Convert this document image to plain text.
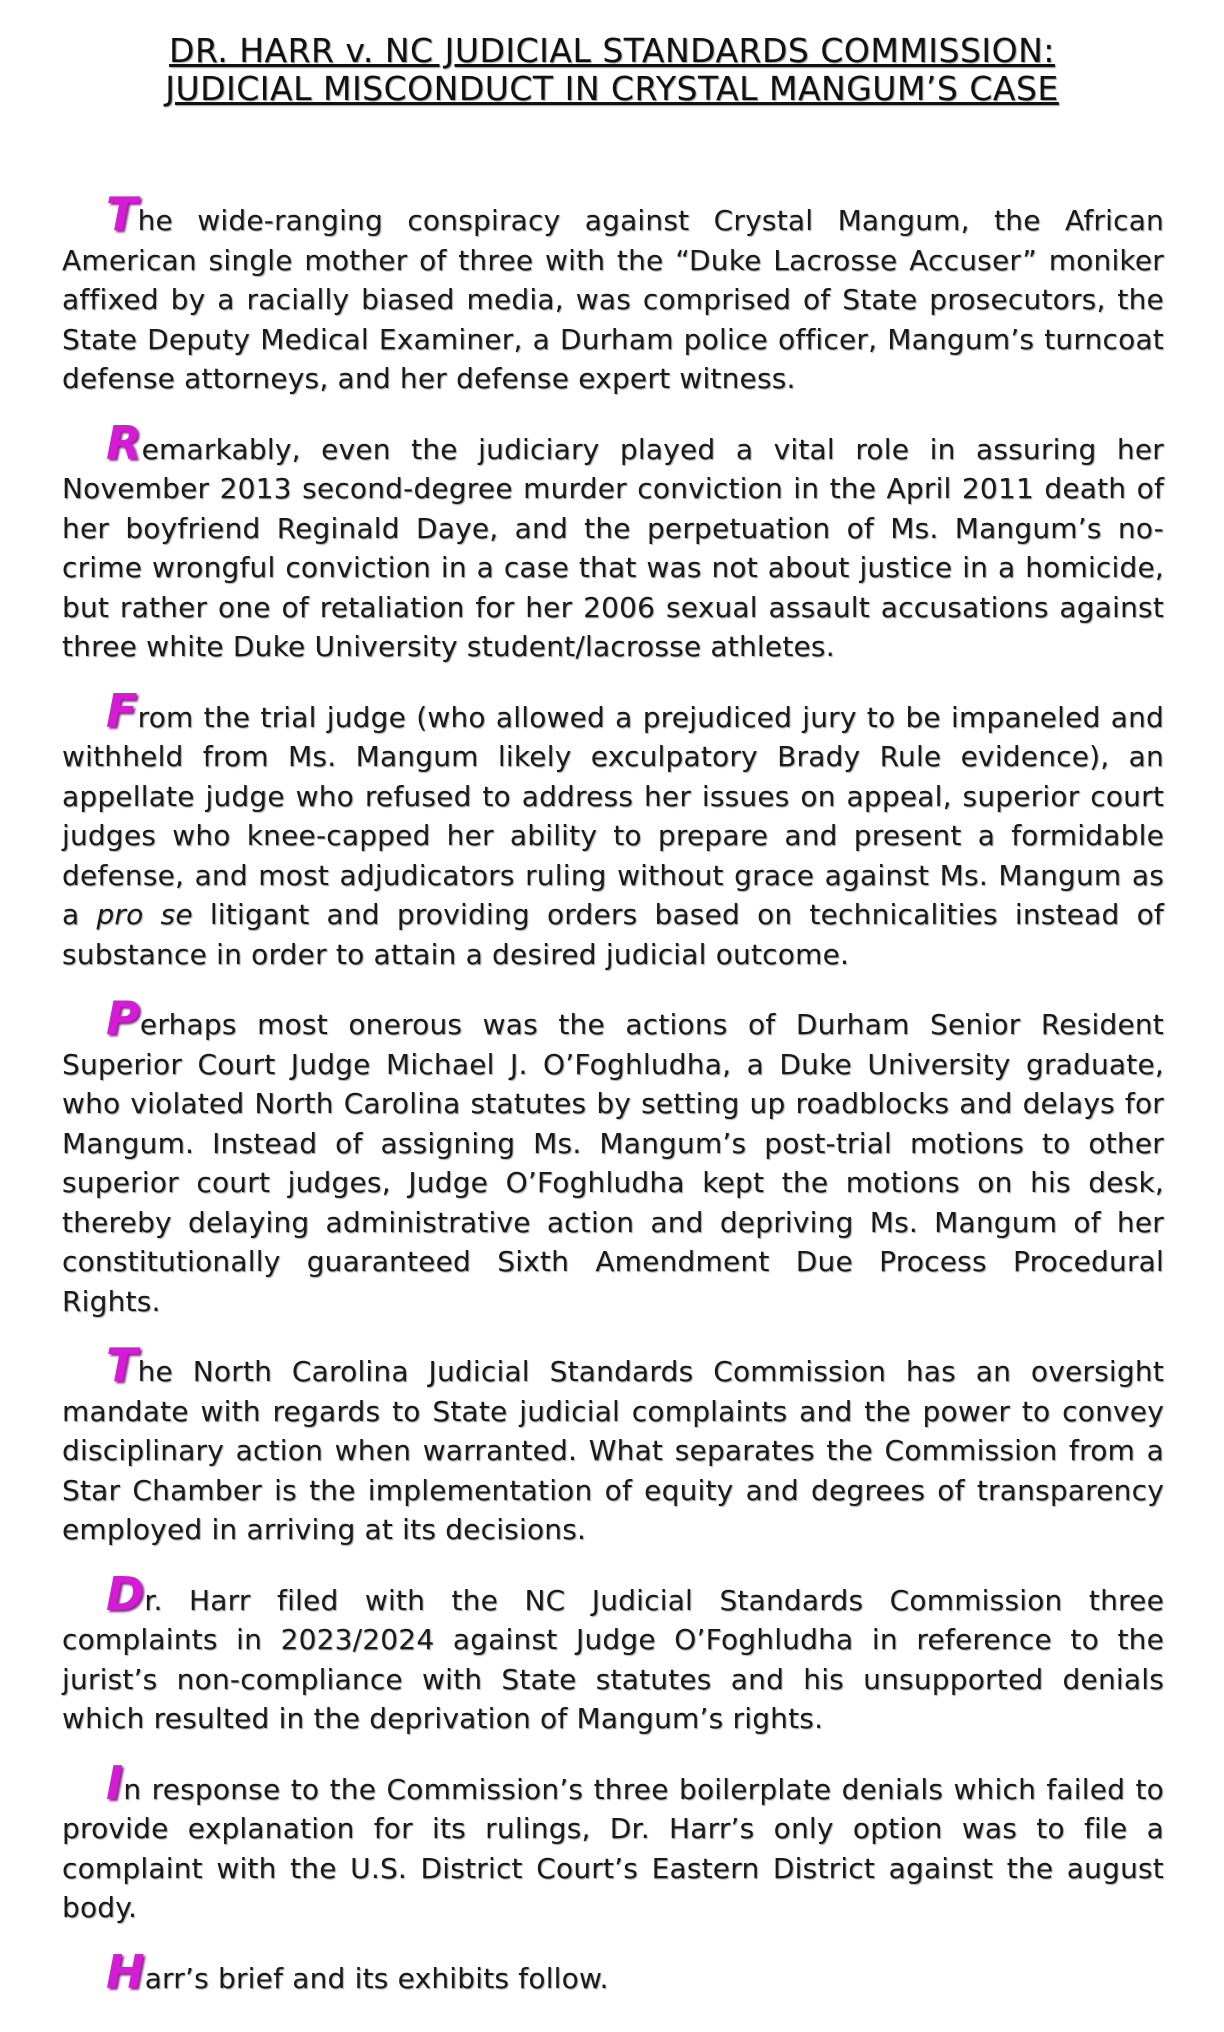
DR. HARR v. NC JUDICIAL STANDARDS COMMISSION:
JUDICIAL MISCONDUCT IN CRYSTAL MANGUM’S CASE

The wide-ranging conspiracy against Crystal Mangum, the African American single mother of three with the “Duke Lacrosse Accuser” moniker affixed by a racially biased media, was comprised of State prosecutors, the State Deputy Medical Examiner, a Durham police officer, Mangum’s turncoat defense attorneys, and her defense expert witness.

Remarkably, even the judiciary played a vital role in assuring her November 2013 second-degree murder conviction in the April 2011 death of her boyfriend Reginald Daye, and the perpetuation of Ms. Mangum’s no-crime wrongful conviction in a case that was not about justice in a homicide, but rather one of retaliation for her 2006 sexual assault accusations against three white Duke University student/lacrosse athletes.

From the trial judge (who allowed a prejudiced jury to be impaneled and withheld from Ms. Mangum likely exculpatory Brady Rule evidence), an appellate judge who refused to address her issues on appeal, superior court judges who knee-capped her ability to prepare and present a formidable defense, and most adjudicators ruling without grace against Ms. Mangum as a pro se litigant and providing orders based on technicalities instead of substance in order to attain a desired judicial outcome.

Perhaps most onerous was the actions of Durham Senior Resident Superior Court Judge Michael J. O’Foghludha, a Duke University graduate, who violated North Carolina statutes by setting up roadblocks and delays for Mangum. Instead of assigning Ms. Mangum’s post-trial motions to other superior court judges, Judge O’Foghludha kept the motions on his desk, thereby delaying administrative action and depriving Ms. Mangum of her constitutionally guaranteed Sixth Amendment Due Process Procedural Rights.

The North Carolina Judicial Standards Commission has an oversight mandate with regards to State judicial complaints and the power to convey disciplinary action when warranted. What separates the Commission from a Star Chamber is the implementation of equity and degrees of transparency employed in arriving at its decisions.

Dr. Harr filed with the NC Judicial Standards Commission three complaints in 2023/2024 against Judge O’Foghludha in reference to the jurist’s non-compliance with State statutes and his unsupported denials which resulted in the deprivation of Mangum’s rights.

In response to the Commission’s three boilerplate denials which failed to provide explanation for its rulings, Dr. Harr’s only option was to file a complaint with the U.S. District Court’s Eastern District against the august body.

Harr’s brief and its exhibits follow.
